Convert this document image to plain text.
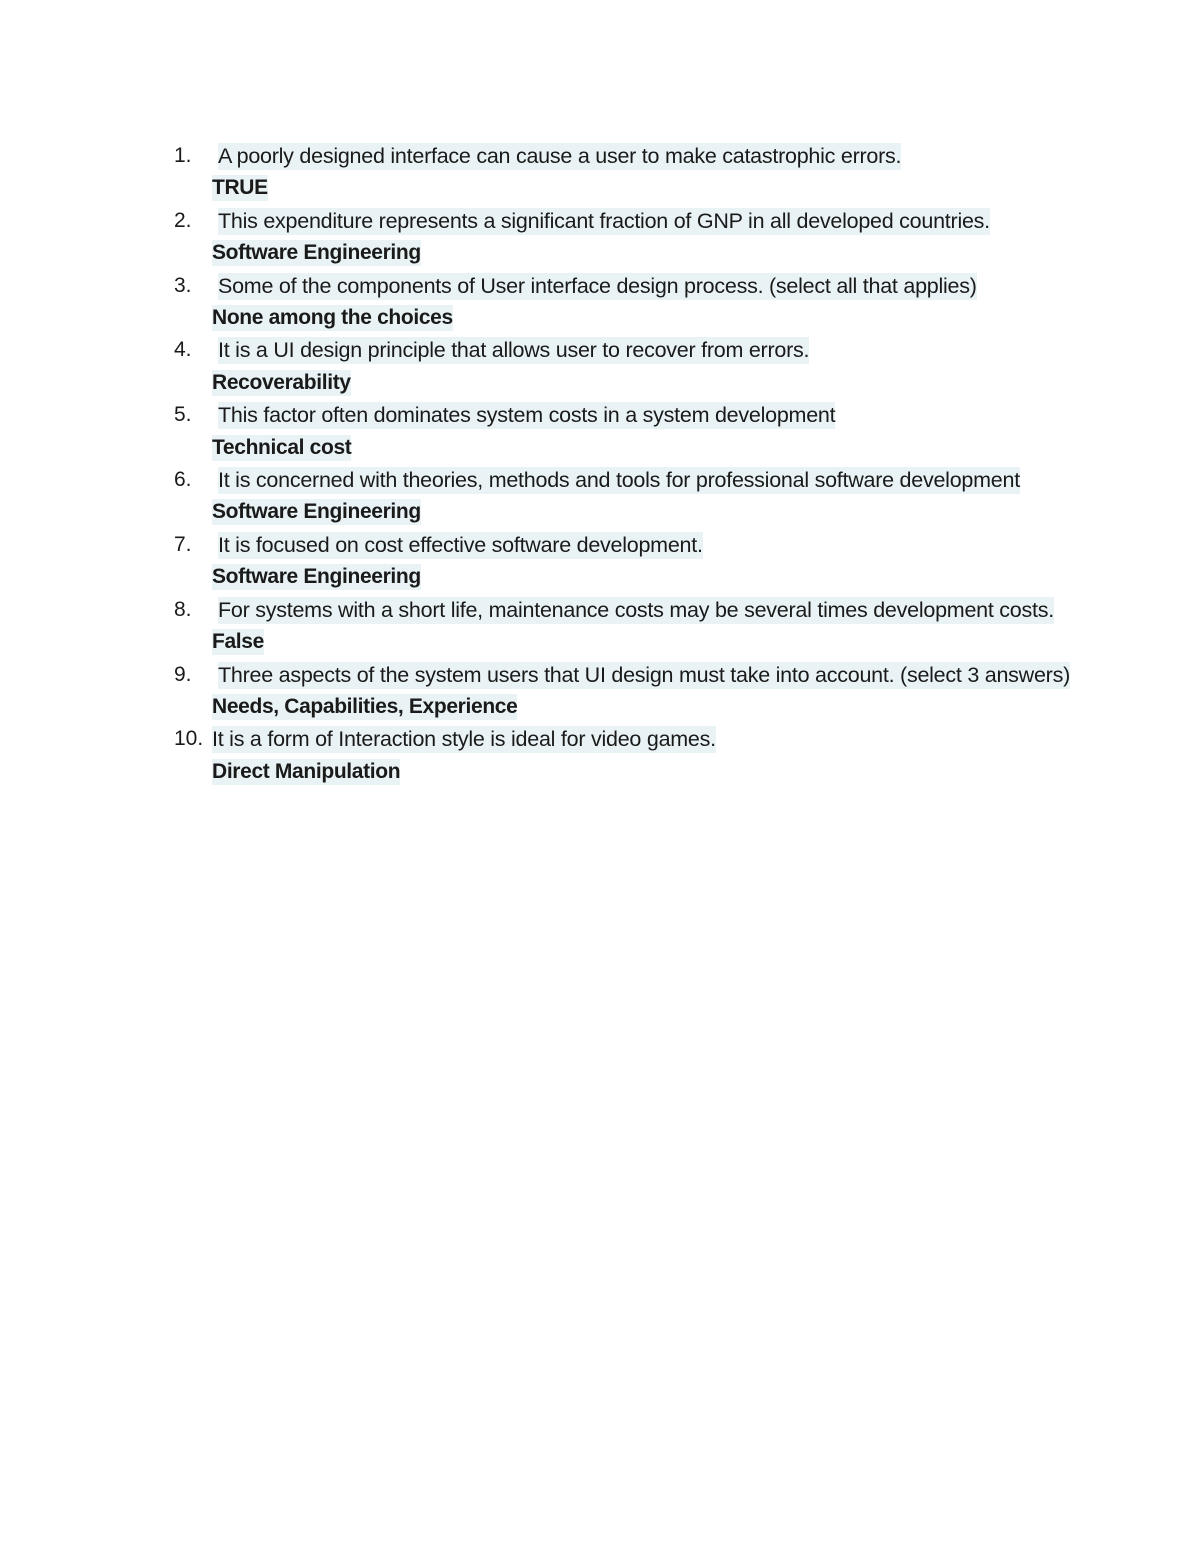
1. A poorly designed interface can cause a user to make catastrophic errors.
TRUE
2. This expenditure represents a significant fraction of GNP in all developed countries.
Software Engineering
3. Some of the components of User interface design process. (select all that applies)
None among the choices
4. It is a UI design principle that allows user to recover from errors.
Recoverability
5. This factor often dominates system costs in a system development
Technical cost
6. It is concerned with theories, methods and tools for professional software development
Software Engineering
7. It is focused on cost effective software development.
Software Engineering
8. For systems with a short life, maintenance costs may be several times development costs.
False
9. Three aspects of the system users that UI design must take into account. (select 3 answers)
Needs, Capabilities, Experience
10. It is a form of Interaction style is ideal for video games.
Direct Manipulation
